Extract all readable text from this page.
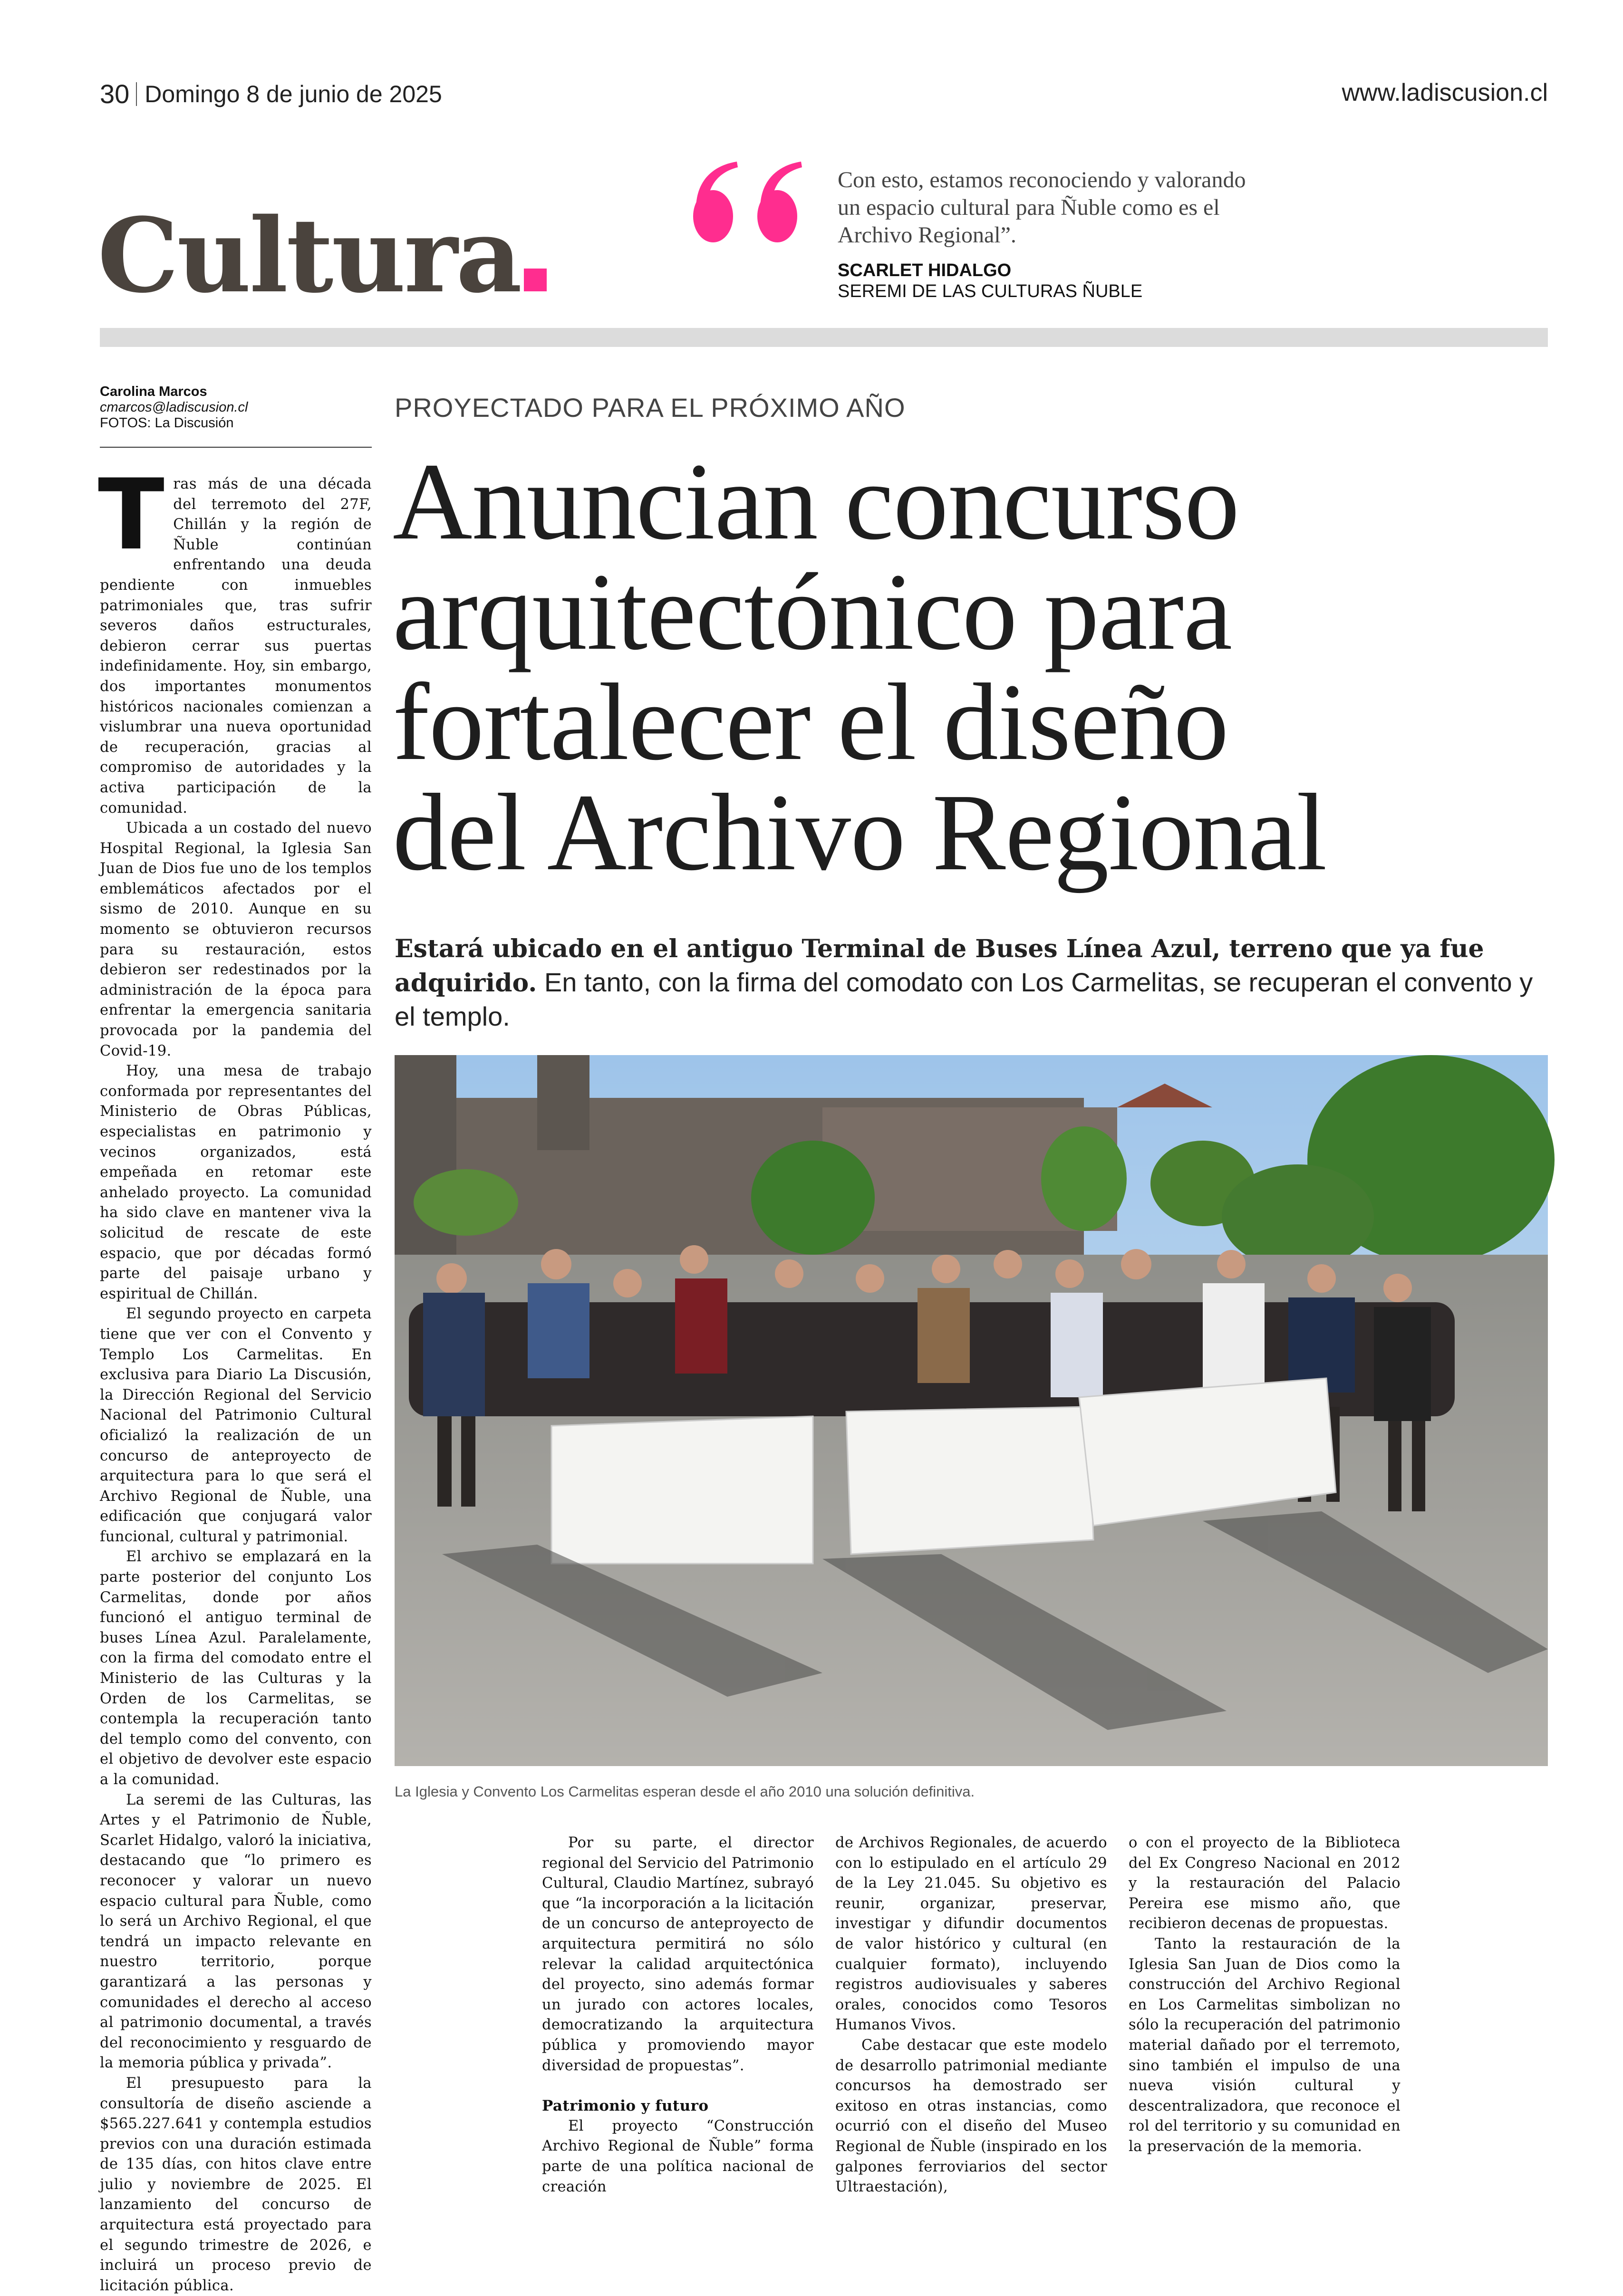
30 Domingo 8 de junio de 2025	www.ladiscusion.cl
Cultura
Con esto, estamos reconociendo y valorando un espacio cultural para Ñuble como es el Archivo Regional”.
SCARLET HIDALGO
SEREMI DE LAS CULTURAS ÑUBLE
Carolina Marcos
cmarcos@ladiscusion.cl
FOTOS: La Discusión
PROYECTADO PARA EL PRÓXIMO AÑO
Anuncian concurso
arquitectónico para
fortalecer el diseño
del Archivo Regional
Estará ubicado en el antiguo Terminal de Buses Línea Azul, terreno que ya fue adquirido. En tanto, con la firma del comodato con Los Carmelitas, se recuperan el convento y el templo.
La Iglesia y Convento Los Carmelitas esperan desde el año 2010 una solución definitiva.

Tras más de una década del terremoto del 27F, Chillán y la región de Ñuble continúan enfrentando una deuda pendiente con inmuebles patrimoniales que, tras sufrir severos daños estructurales, debieron cerrar sus puertas indefinidamente. Hoy, sin embargo, dos importantes monumentos históricos nacionales comienzan a vislumbrar una nueva oportunidad de recuperación, gracias al compromiso de autoridades y la activa participación de la comunidad.

Ubicada a un costado del nuevo Hospital Regional, la Iglesia San Juan de Dios fue uno de los templos emblemáticos afectados por el sismo de 2010. Aunque en su momento se obtuvieron recursos para su restauración, estos debieron ser redestinados por la administración de la época para enfrentar la emergencia sanitaria provocada por la pandemia del Covid-19.

Hoy, una mesa de trabajo conformada por representantes del Ministerio de Obras Públicas, especialistas en patrimonio y vecinos organizados, está empeñada en retomar este anhelado proyecto. La comunidad ha sido clave en mantener viva la solicitud de rescate de este espacio, que por décadas formó parte del paisaje urbano y espiritual de Chillán.

El segundo proyecto en carpeta tiene que ver con el Convento y Templo Los Carmelitas. En exclusiva para Diario La Discusión, la Dirección Regional del Servicio Nacional del Patrimonio Cultural oficializó la realización de un concurso de anteproyecto de arquitectura para lo que será el Archivo Regional de Ñuble, una edificación que conjugará valor funcional, cultural y patrimonial.

El archivo se emplazará en la parte posterior del conjunto Los Carmelitas, donde por años funcionó el antiguo terminal de buses Línea Azul. Paralelamente, con la firma del comodato entre el Ministerio de las Culturas y la Orden de los Carmelitas, se contempla la recuperación tanto del templo como del convento, con el objetivo de devolver este espacio a la comunidad.

La seremi de las Culturas, las Artes y el Patrimonio de Ñuble, Scarlet Hidalgo, valoró la iniciativa, destacando que “lo primero es reconocer y valorar un nuevo espacio cultural para Ñuble, como lo será un Archivo Regional, el que tendrá un impacto relevante en nuestro territorio, porque garantizará a las personas y comunidades el derecho al acceso al patrimonio documental, a través del reconocimiento y resguardo de la memoria pública y privada”.

El presupuesto para la consultoría de diseño asciende a $565.227.641 y contempla estudios previos con una duración estimada de 135 días, con hitos clave entre julio y noviembre de 2025. El lanzamiento del concurso de arquitectura está proyectado para el segundo trimestre de 2026, e incluirá un proceso previo de licitación pública.

Por su parte, el director regional del Servicio del Patrimonio Cultural, Claudio Martínez, subrayó que “la incorporación a la licitación de un concurso de anteproyecto de arquitectura permitirá no sólo relevar la calidad arquitectónica del proyecto, sino además formar un jurado con actores locales, democratizando la arquitectura pública y promoviendo mayor diversidad de propuestas”.

Patrimonio y futuro

El proyecto “Construcción Archivo Regional de Ñuble” forma parte de una política nacional de creación

de Archivos Regionales, de acuerdo con lo estipulado en el artículo 29 de la Ley 21.045. Su objetivo es reunir, organizar, preservar, investigar y difundir documentos de valor histórico y cultural (en cualquier formato), incluyendo registros audiovisuales y saberes orales, conocidos como Tesoros Humanos Vivos.

Cabe destacar que este modelo de desarrollo patrimonial mediante concursos ha demostrado ser exitoso en otras instancias, como ocurrió con el diseño del Museo Regional de Ñuble (inspirado en los galpones ferroviarios del sector Ultraestación),

o con el proyecto de la Biblioteca del Ex Congreso Nacional en 2012 y la restauración del Palacio Pereira ese mismo año, que recibieron decenas de propuestas.

Tanto la restauración de la Iglesia San Juan de Dios como la construcción del Archivo Regional en Los Carmelitas simbolizan no sólo la recuperación del patrimonio material dañado por el terremoto, sino también el impulso de una nueva visión cultural y descentralizadora, que reconoce el rol del territorio y su comunidad en la preservación de la memoria.
